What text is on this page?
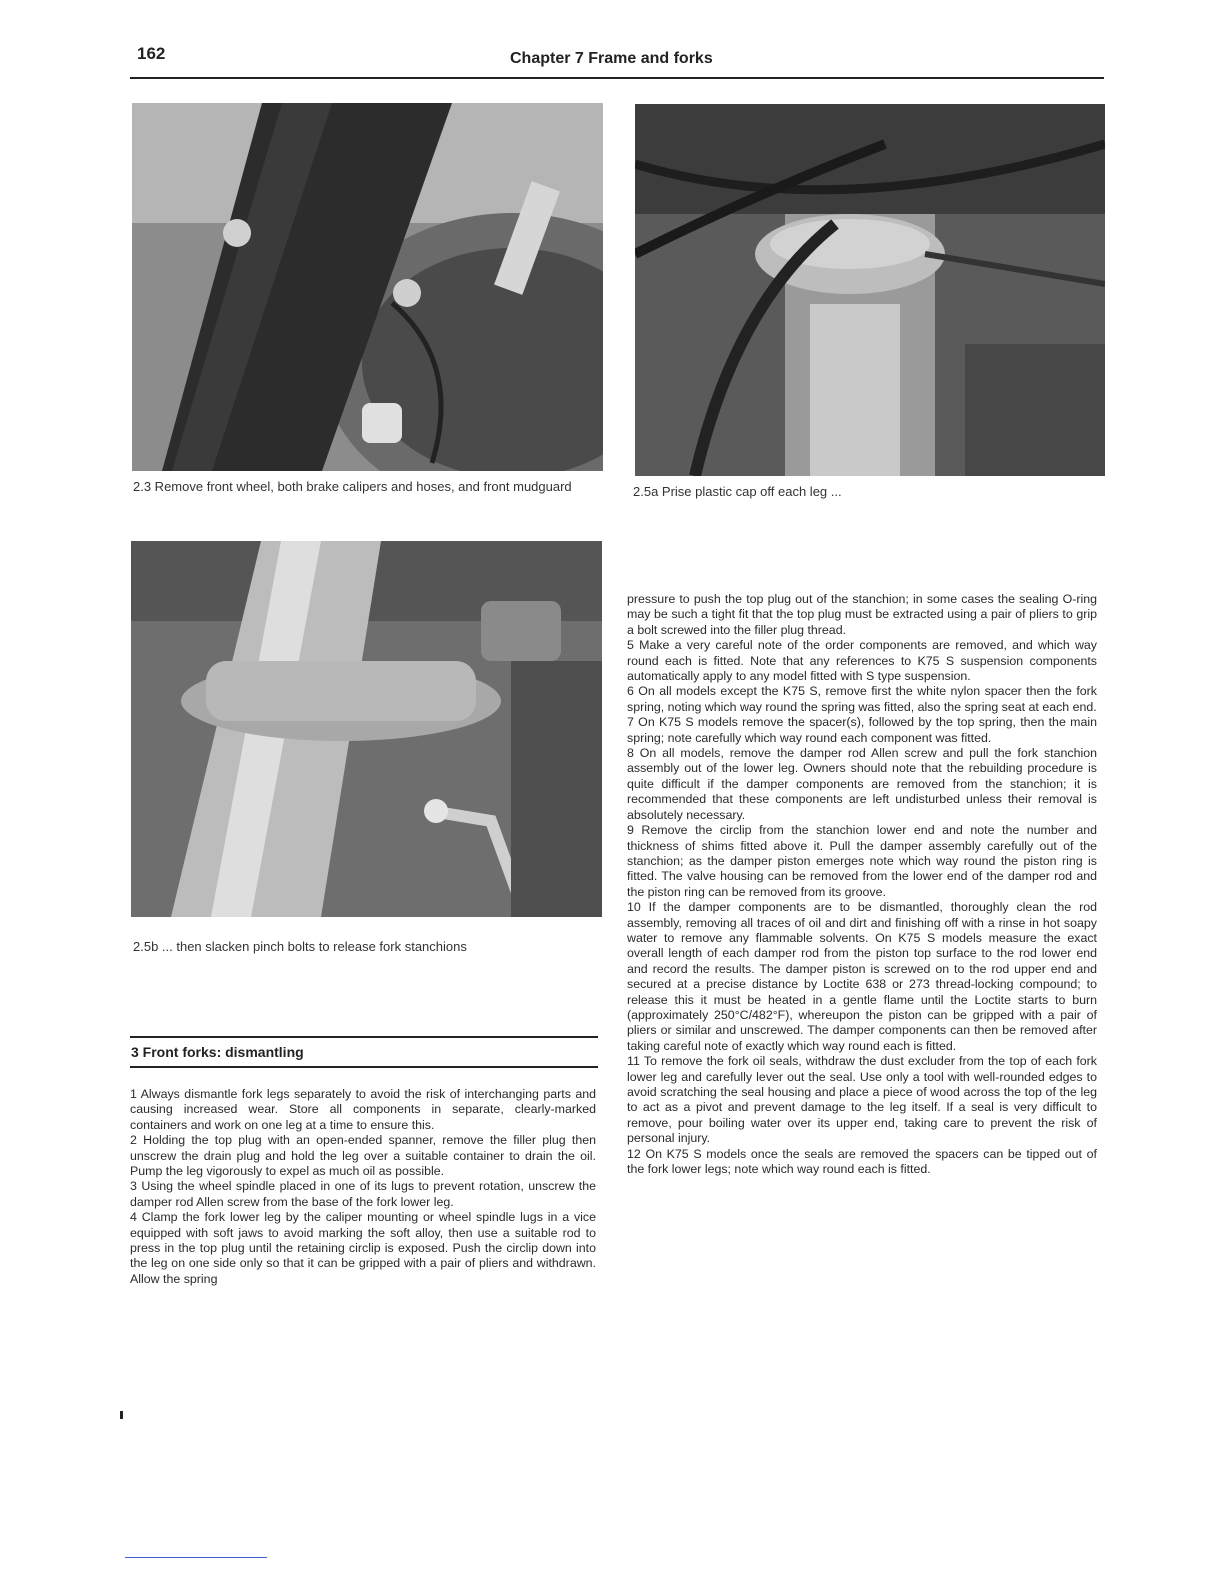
162	Chapter 7 Frame and forks
2.3 Remove front wheel, both brake calipers and hoses, and front mudguard	2.5a Prise plastic cap off each leg ...
2.5b ... then slacken pinch bolts to release fork stanchions
3 Front forks: dismantling

1 Always dismantle fork legs separately to avoid the risk of interchanging parts and causing increased wear. Store all components in separate, clearly-marked containers and work on one leg at a time to ensure this.

2 Holding the top plug with an open-ended spanner, remove the filler plug then unscrew the drain plug and hold the leg over a suitable container to drain the oil. Pump the leg vigorously to expel as much oil as possible.

3 Using the wheel spindle placed in one of its lugs to prevent rotation, unscrew the damper rod Allen screw from the base of the fork lower leg.

4 Clamp the fork lower leg by the caliper mounting or wheel spindle lugs in a vice equipped with soft jaws to avoid marking the soft alloy, then use a suitable rod to press in the top plug until the retaining circlip is exposed. Push the circlip down into the leg on one side only so that it can be gripped with a pair of pliers and withdrawn. Allow the spring

pressure to push the top plug out of the stanchion; in some cases the sealing O-ring may be such a tight fit that the top plug must be extracted using a pair of pliers to grip a bolt screwed into the filler plug thread.

5 Make a very careful note of the order components are removed, and which way round each is fitted. Note that any references to K75 S suspension components automatically apply to any model fitted with S type suspension.

6 On all models except the K75 S, remove first the white nylon spacer then the fork spring, noting which way round the spring was fitted, also the spring seat at each end.

7 On K75 S models remove the spacer(s), followed by the top spring, then the main spring; note carefully which way round each component was fitted.

8 On all models, remove the damper rod Allen screw and pull the fork stanchion assembly out of the lower leg. Owners should note that the rebuilding procedure is quite difficult if the damper components are removed from the stanchion; it is recommended that these components are left undisturbed unless their removal is absolutely necessary.

9 Remove the circlip from the stanchion lower end and note the number and thickness of shims fitted above it. Pull the damper assembly carefully out of the stanchion; as the damper piston emerges note which way round the piston ring is fitted. The valve housing can be removed from the lower end of the damper rod and the piston ring can be removed from its groove.

10 If the damper components are to be dismantled, thoroughly clean the rod assembly, removing all traces of oil and dirt and finishing off with a rinse in hot soapy water to remove any flammable solvents. On K75 S models measure the exact overall length of each damper rod from the piston top surface to the rod lower end and record the results. The damper piston is screwed on to the rod upper end and secured at a precise distance by Loctite 638 or 273 thread-locking compound; to release this it must be heated in a gentle flame until the Loctite starts to burn (approximately 250°C/482°F), whereupon the piston can be gripped with a pair of pliers or similar and unscrewed. The damper components can then be removed after taking careful note of exactly which way round each is fitted.

11 To remove the fork oil seals, withdraw the dust excluder from the top of each fork lower leg and carefully lever out the seal. Use only a tool with well-rounded edges to avoid scratching the seal housing and place a piece of wood across the top of the leg to act as a pivot and prevent damage to the leg itself. If a seal is very difficult to remove, pour boiling water over its upper end, taking care to prevent the risk of personal injury.

12 On K75 S models once the seals are removed the spacers can be tipped out of the fork lower legs; note which way round each is fitted.
